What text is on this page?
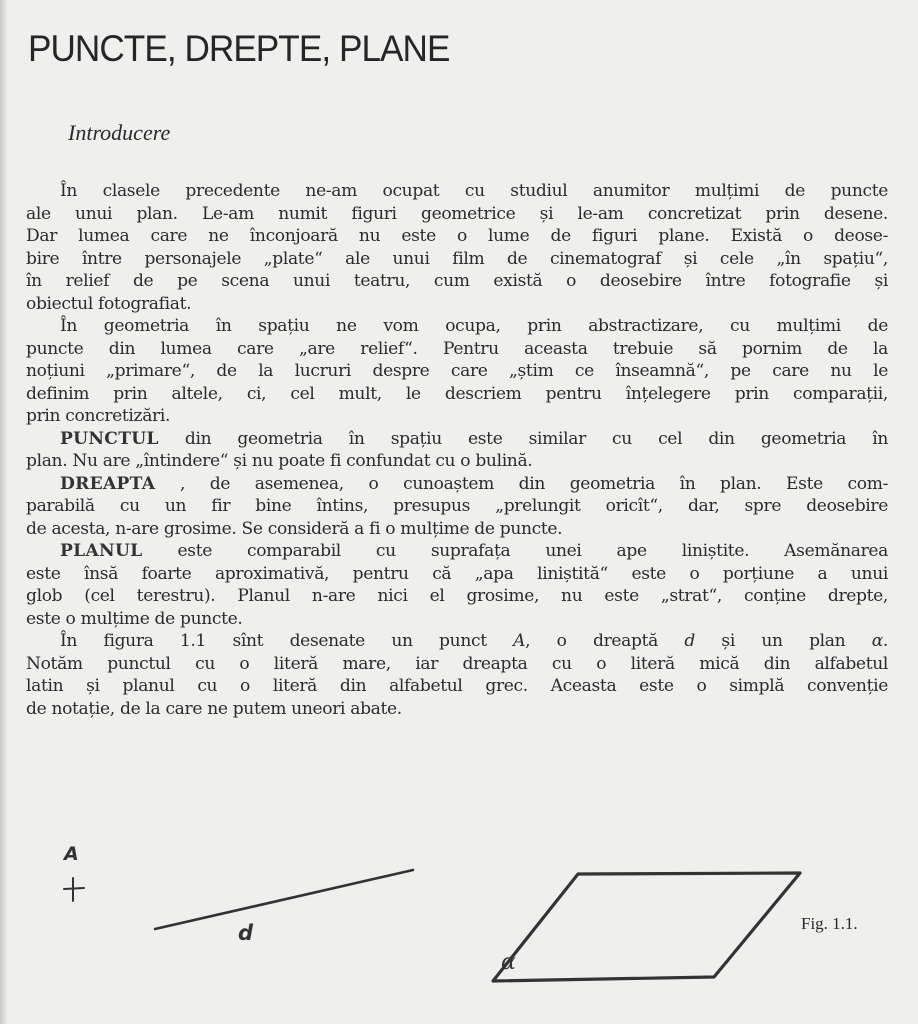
PUNCTE, DREPTE, PLANE
Introducere
În clasele precedente ne-am ocupat cu studiul anumitor mulțimi de puncte
ale unui plan. Le-am numit figuri geometrice și le-am concretizat prin desene.
Dar lumea care ne înconjoară nu este o lume de figuri plane. Există o deose-
bire între personajele „plate“ ale unui film de cinematograf și cele „în spațiu“,
în relief de pe scena unui teatru, cum există o deosebire între fotografie și
obiectul fotografiat.
În geometria în spațiu ne vom ocupa, prin abstractizare, cu mulțimi de
puncte din lumea care „are relief“. Pentru aceasta trebuie să pornim de la
noțiuni „primare“, de la lucruri despre care „știm ce înseamnă“, pe care nu le
definim prin altele, ci, cel mult, le descriem pentru înțelegere prin comparații,
prin concretizări.
PUNCTUL din geometria în spațiu este similar cu cel din geometria în
plan. Nu are „întindere“ și nu poate fi confundat cu o bulină.
DREAPTA , de asemenea, o cunoaștem din geometria în plan. Este com-
parabilă cu un fir bine întins, presupus „prelungit oricît“, dar, spre deosebire
de acesta, n-are grosime. Se consideră a fi o mulțime de puncte.
PLANUL este comparabil cu suprafața unei ape liniștite. Asemănarea
este însă foarte aproximativă, pentru că „apa liniștită“ este o porțiune a unui
glob (cel terestru). Planul n-are nici el grosime, nu este „strat“, conține drepte,
este o mulțime de puncte.
În figura 1.1 sînt desenate un punct A, o dreaptă d și un plan α.
Notăm punctul cu o literă mare, iar dreapta cu o literă mică din alfabetul
latin și planul cu o literă din alfabetul grec. Aceasta este o simplă convenție
de notație, de la care ne putem uneori abate.
A
d
α
Fig. 1.1.
